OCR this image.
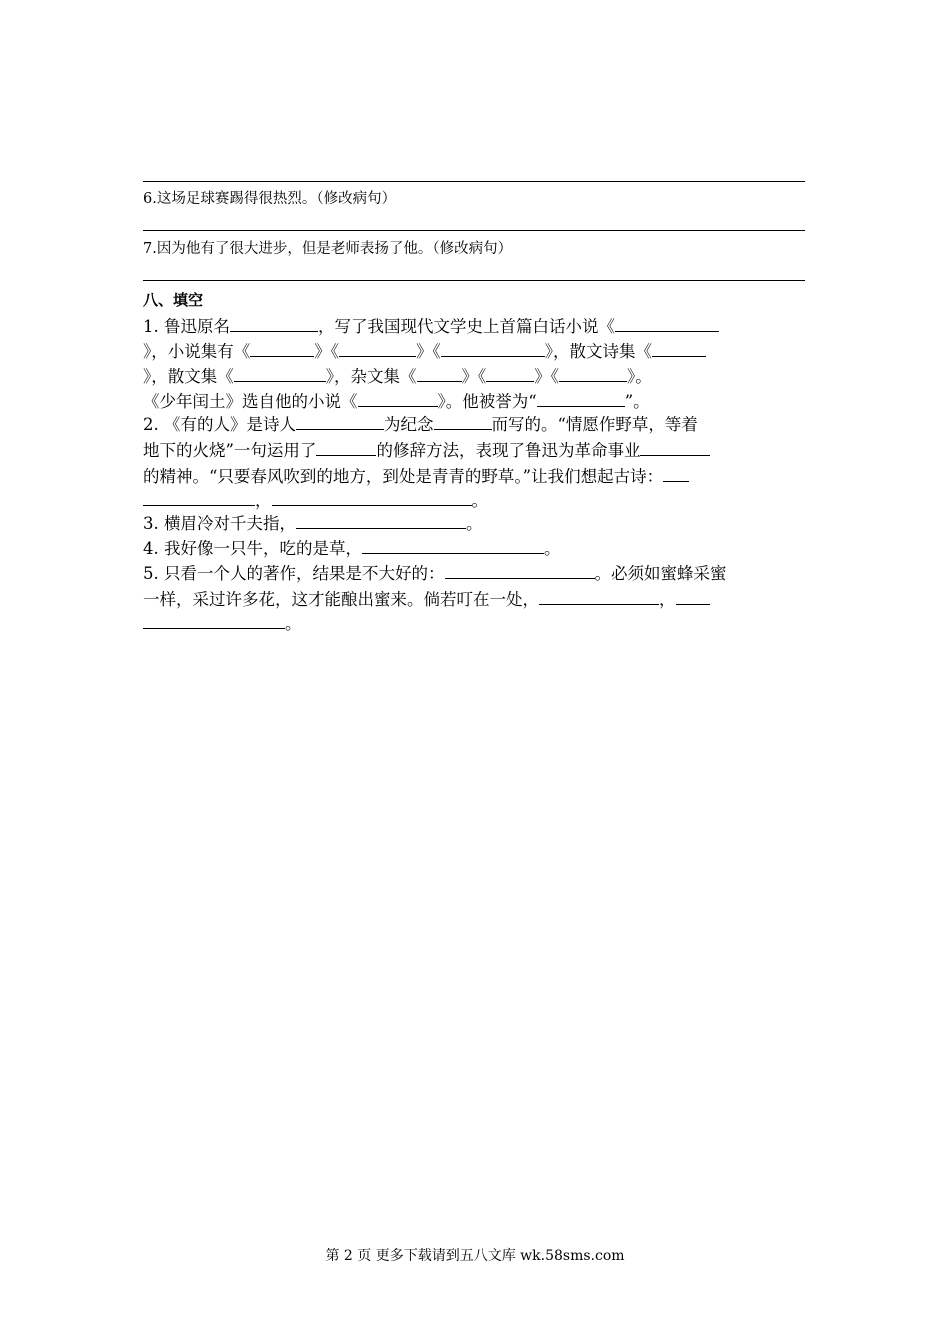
6.这场足球赛踢得很热烈。（修改病句）
7.因为他有了很大进步，但是老师表扬了他。（修改病句）
八、填空
1. 鲁迅原名	，写了我国现代文学史上首篇白话小说《
》，小说集有《	》《	》《	》，散文诗集《
》，散文集《	》，杂文集《	》《	》《	》。
《少年闰土》选自他的小说《	》。他被誉为“	”。
2. 《有的人》是诗人	为纪念	而写的。“情愿作野草，等着
地下的火烧”一句运用了	的修辞方法，表现了鲁迅为革命事业
的精神。“只要春风吹到的地方，到处是青青的野草。”让我们想起古诗：
，	。
3. 横眉冷对千夫指，	。
4. 我好像一只牛，吃的是草，	。
5. 只看一个人的著作，结果是不大好的：	。必须如蜜蜂采蜜
一样，采过许多花，这才能酿出蜜来。倘若叮在一处，	，
。
第 2 页 更多下载请到五八文库 wk.58sms.com
